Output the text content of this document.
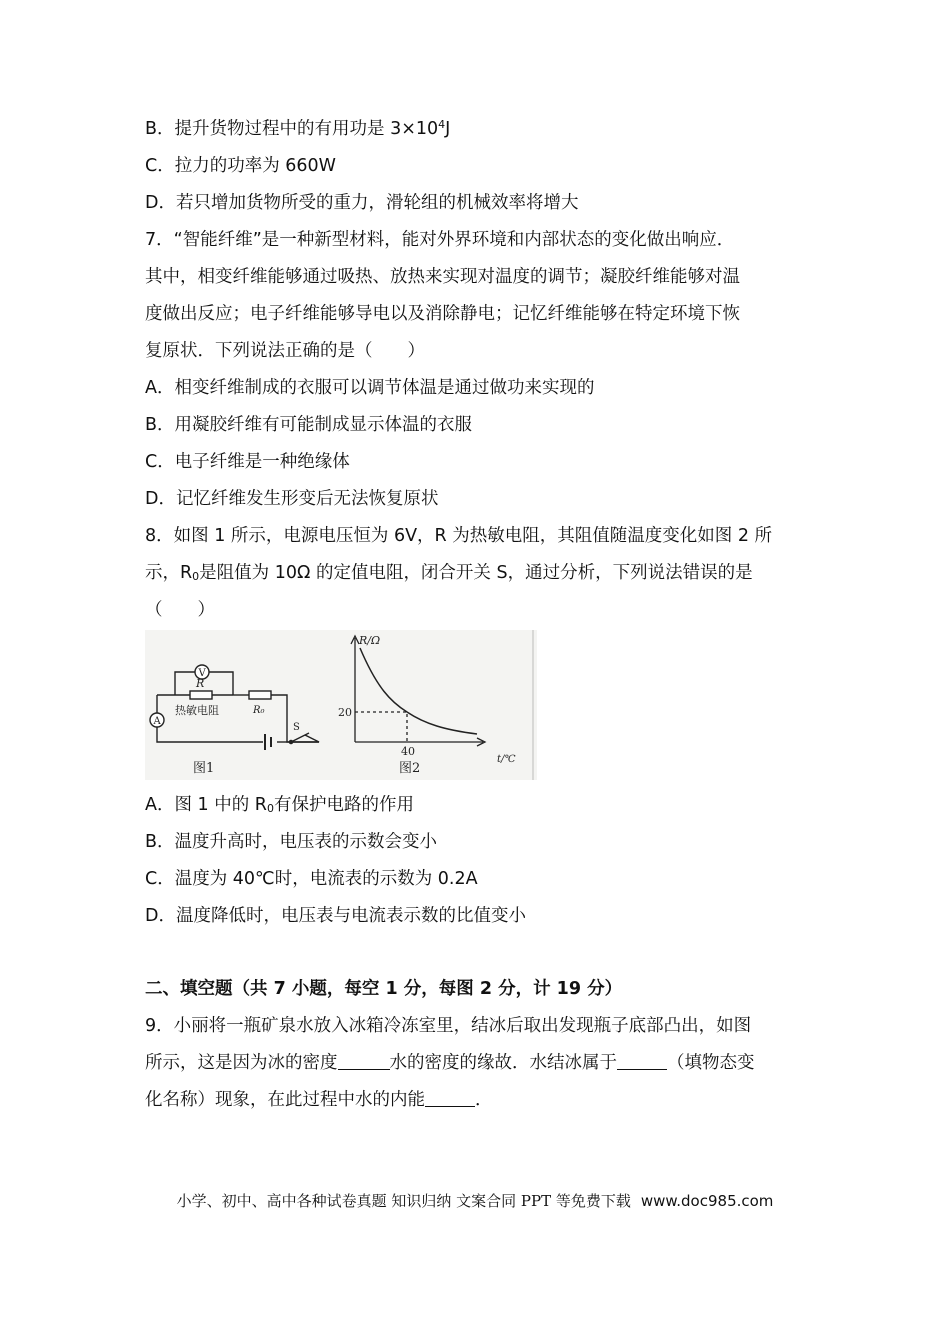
B．提升货物过程中的有用功是 $3\times 10^4J$
C．拉力的功率为 660W
D．若只增加货物所受的重力，滑轮组的机械效率将增大
7．“智能纤维”是一种新型材料，能对外界环境和内部状态的变化做出响应．
其中，相变纤维能够通过吸热、放热来实现对温度的调节；凝胶纤维能够对温
度做出反应；电子纤维能够导电以及消除静电；记忆纤维能够在特定环境下恢
复原状．下列说法正确的是（　　）
A．相变纤维制成的衣服可以调节体温是通过做功来实现的
B．用凝胶纤维有可能制成显示体温的衣服
C．电子纤维是一种绝缘体
D．记忆纤维发生形变后无法恢复原状
8．如图 1 所示，电源电压恒为 6V，R 为热敏电阻，其阻值随温度变化如图 2 所
示，$R_0$是阻值为 10Ω 的定值电阻，闭合开关 S，通过分析，下列说法错误的是
（　　）
V
A
R
热敏电阻	R₀
S
图1
R/Ω
20
40
t/℃
图2
A．图 1 中的 $R_0$有保护电路的作用
B．温度升高时，电压表的示数会变小
C．温度为 40℃时，电流表的示数为 0.2A
D．温度降低时，电压表与电流表示数的比值变小
二、填空题（共 7 小题，每空 1 分，每图 2 分，计 19 分）
9．小丽将一瓶矿泉水放入冰箱冷冻室里，结冰后取出发现瓶子底部凸出，如图
所示，这是因为冰的密度	水的密度的缘故．水结冰属于	（填物态变
化名称）现象，在此过程中水的内能	．
小学、初中、高中各种试卷真题 知识归纳 文案合同 PPT 等免费下载 www.doc985.com
